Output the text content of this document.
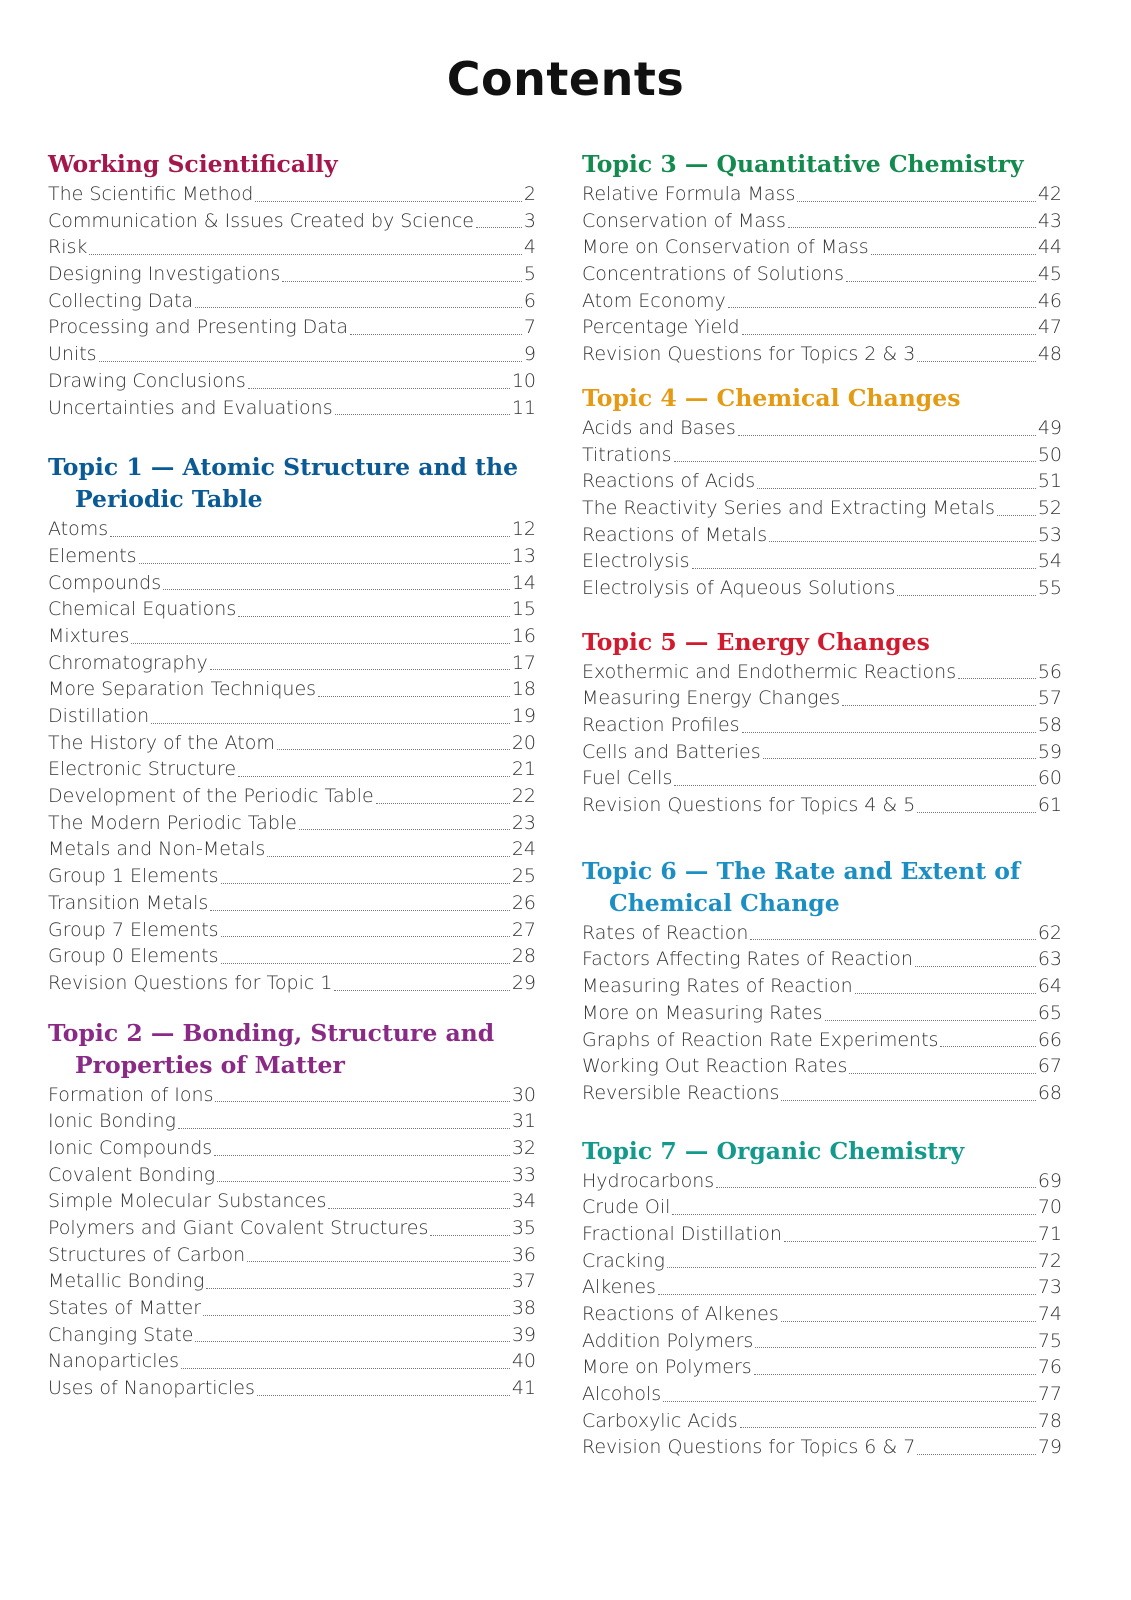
Contents
Working Scientifically
The Scientific Method	2
Communication & Issues Created by Science	3
Risk	4
Designing Investigations	5
Collecting Data	6
Processing and Presenting Data	7
Units	9
Drawing Conclusions	10
Uncertainties and Evaluations	11
Topic 1 — Atomic Structure and the
Periodic Table
Atoms	12
Elements	13
Compounds	14
Chemical Equations	15
Mixtures	16
Chromatography	17
More Separation Techniques	18
Distillation	19
The History of the Atom	20
Electronic Structure	21
Development of the Periodic Table	22
The Modern Periodic Table	23
Metals and Non-Metals	24
Group 1 Elements	25
Transition Metals	26
Group 7 Elements	27
Group 0 Elements	28
Revision Questions for Topic 1	29
Topic 2 — Bonding, Structure and
Properties of Matter
Formation of Ions	30
Ionic Bonding	31
Ionic Compounds	32
Covalent Bonding	33
Simple Molecular Substances	34
Polymers and Giant Covalent Structures	35
Structures of Carbon	36
Metallic Bonding	37
States of Matter	38
Changing State	39
Nanoparticles	40
Uses of Nanoparticles	41
Topic 3 — Quantitative Chemistry
Relative Formula Mass	42
Conservation of Mass	43
More on Conservation of Mass	44
Concentrations of Solutions	45
Atom Economy	46
Percentage Yield	47
Revision Questions for Topics 2 & 3	48
Topic 4 — Chemical Changes
Acids and Bases	49
Titrations	50
Reactions of Acids	51
The Reactivity Series and Extracting Metals 52
Reactions of Metals	53
Electrolysis	54
Electrolysis of Aqueous Solutions	55
Topic 5 — Energy Changes
Exothermic and Endothermic Reactions	56
Measuring Energy Changes	57
Reaction Profiles	58
Cells and Batteries	59
Fuel Cells	60
Revision Questions for Topics 4 & 5	61
Topic 6 — The Rate and Extent of
Chemical Change
Rates of Reaction	62
Factors Affecting Rates of Reaction	63
Measuring Rates of Reaction	64
More on Measuring Rates	65
Graphs of Reaction Rate Experiments	66
Working Out Reaction Rates	67
Reversible Reactions	68
Topic 7 — Organic Chemistry
Hydrocarbons	69
Crude Oil	70
Fractional Distillation	71
Cracking	72
Alkenes	73
Reactions of Alkenes	74
Addition Polymers	75
More on Polymers	76
Alcohols	77
Carboxylic Acids	78
Revision Questions for Topics 6 & 7	79
